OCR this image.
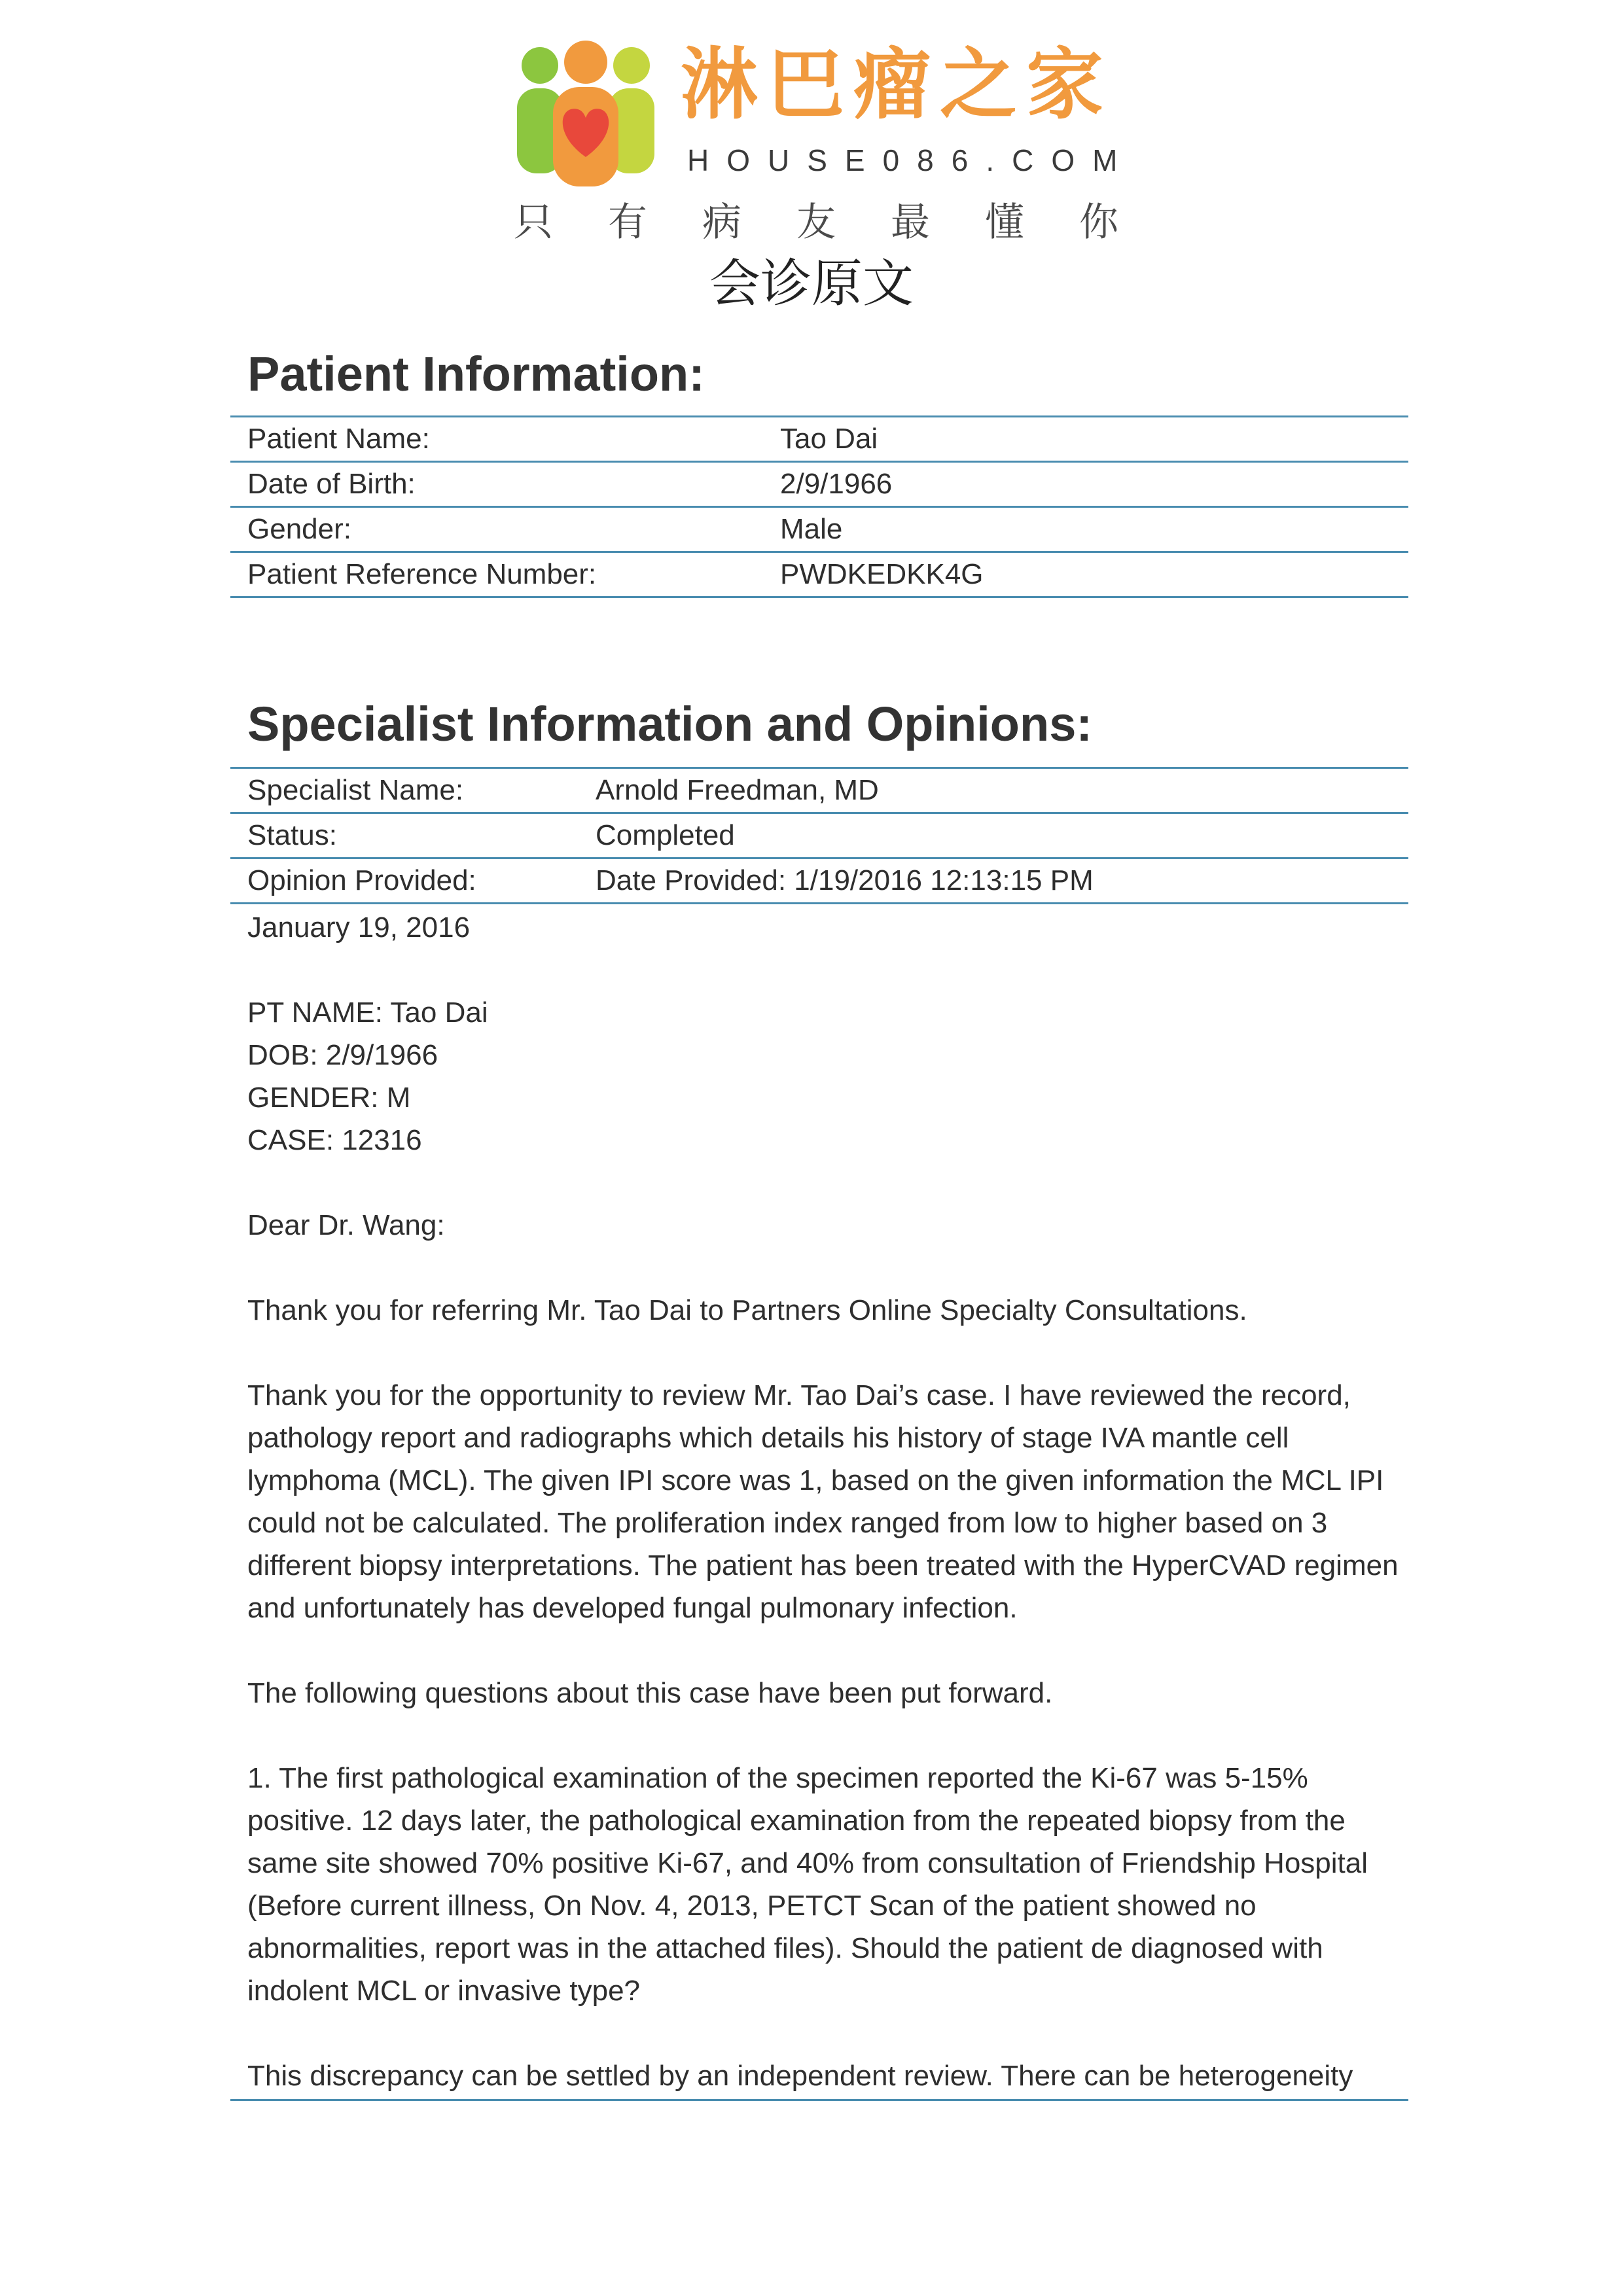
淋巴瘤之家
HOUSE086.COM
只有病友最懂你
会诊原文
Patient Information:
Patient Name:	Tao Dai
Date of Birth:	2/9/1966
Gender:	Male
Patient Reference Number:	PWDKEDKK4G
Specialist Information and Opinions:
Specialist Name:	Arnold Freedman, MD
Status:	Completed
Opinion Provided:	Date Provided: 1/19/2016 12:13:15 PM

January 19, 2016

PT NAME: Tao Dai

DOB: 2/9/1966

GENDER: M

CASE: 12316

Dear Dr. Wang:

Thank you for referring Mr. Tao Dai to Partners Online Specialty Consultations.

Thank you for the opportunity to review Mr. Tao Dai’s case. I have reviewed the record, pathology report and radiographs which details his history of stage IVA mantle cell lymphoma (MCL). The given IPI score was 1, based on the given information the MCL IPI could not be calculated. The proliferation index ranged from low to higher based on 3 different biopsy interpretations. The patient has been treated with the HyperCVAD regimen and unfortunately has developed fungal pulmonary infection.

The following questions about this case have been put forward.

1. The first pathological examination of the specimen reported the Ki-67 was 5-15% positive. 12 days later, the pathological examination from the repeated biopsy from the same site showed 70% positive Ki-67, and 40% from consultation of Friendship Hospital (Before current illness, On Nov. 4, 2013, PETCT Scan of the patient showed no abnormalities, report was in the attached files). Should the patient de diagnosed with indolent MCL or invasive type?

This discrepancy can be settled by an independent review. There can be heterogeneity
